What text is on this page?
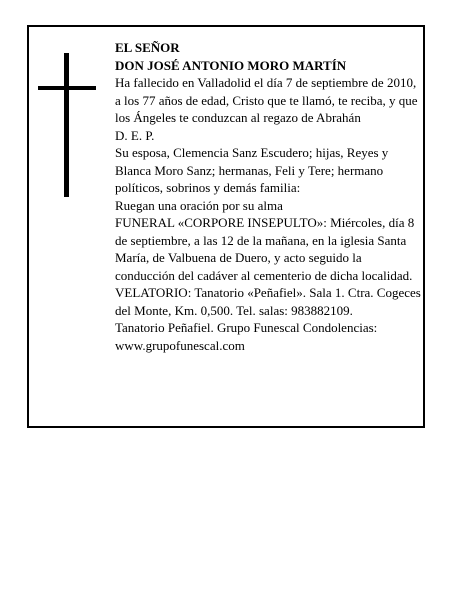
EL SEÑOR

DON JOSÉ ANTONIO MORO MARTÍN

Ha fallecido en Valladolid el día 7 de septiembre de 2010, a los 77 años de edad, Cristo que te llamó, te reciba, y que los Ángeles te conduzcan al regazo de Abrahán

D. E. P.

Su esposa, Clemencia Sanz Escudero; hijas, Reyes y Blanca Moro Sanz; hermanas, Feli y Tere; hermano políticos, sobrinos y demás familia:

Ruegan una oración por su alma

FUNERAL «CORPORE INSEPULTO»: Miércoles, día 8 de septiembre, a las 12 de la mañana, en la iglesia Santa María, de Valbuena de Duero, y acto seguido la conducción del cadáver al cementerio de dicha localidad. VELATORIO: Tanatorio «Peñafiel». Sala 1. Ctra. Cogeces del Monte, Km. 0,500. Tel. salas: 983882109.

Tanatorio Peñafiel. Grupo Funescal Condolencias: www.grupofunescal.com
